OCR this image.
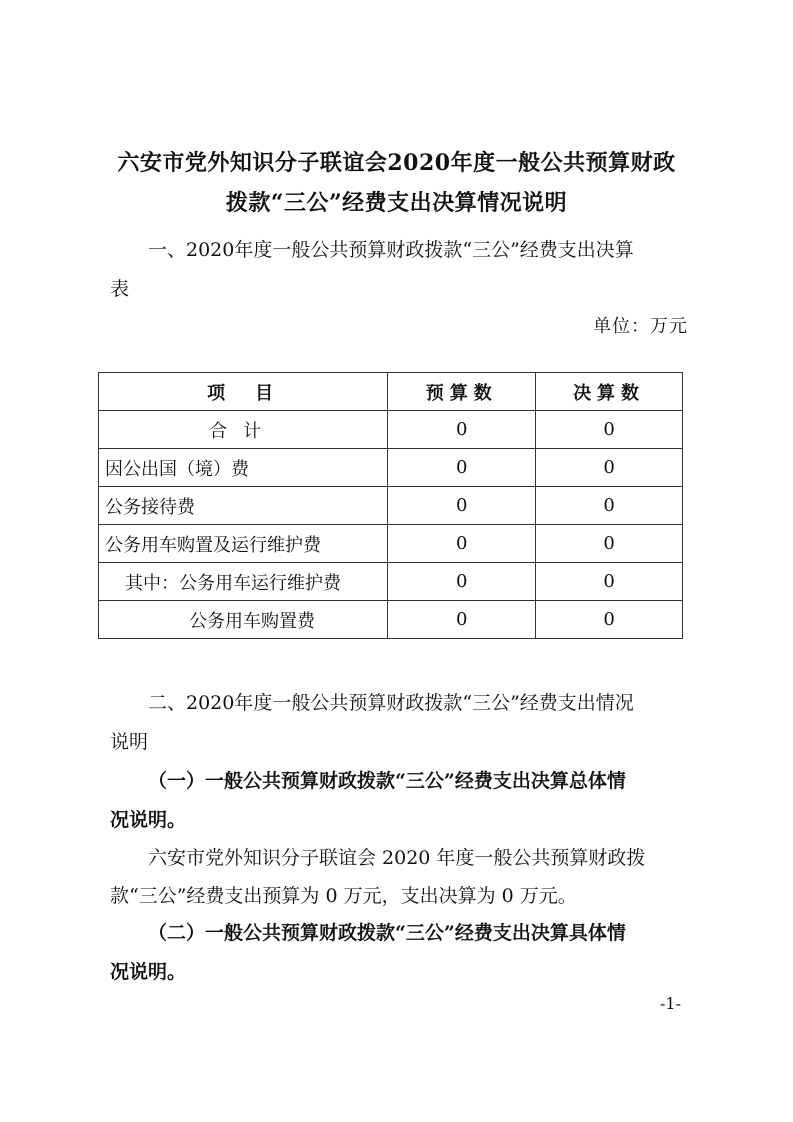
六安市党外知识分子联谊会2020年度一般公共预算财政
拨款“三公”经费支出决算情况说明
一、2020年度一般公共预算财政拨款“三公”经费支出决算
表
单位：万元
项　目	预算数	决算数
合计	0	0
因公出国（境）费	0	0
公务接待费	0	0
公务用车购置及运行维护费	0	0
其中：公务用车运行维护费	0	0
公务用车购置费	0	0
二、2020年度一般公共预算财政拨款“三公”经费支出情况
说明
（一）一般公共预算财政拨款“三公”经费支出决算总体情
况说明。
六安市党外知识分子联谊会 2020 年度一般公共预算财政拨
款“三公”经费支出预算为 0 万元，支出决算为 0 万元。
（二）一般公共预算财政拨款“三公”经费支出决算具体情
况说明。
-1-
